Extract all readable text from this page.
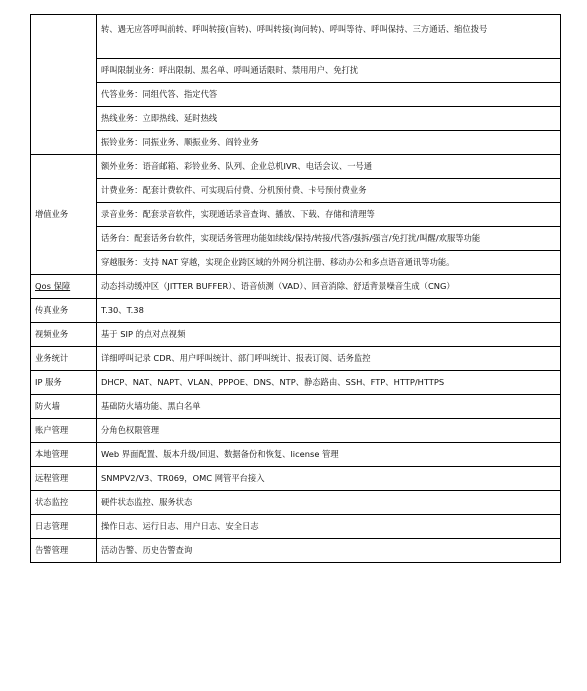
	转、遇无应答呼叫前转、呼叫转接(盲转)、呼叫转接(询问转)、呼叫等待、呼叫保持、三方通话、缩位拨号
	呼叫限制业务：呼出限制、黑名单、呼叫通话限时、禁用用户、免打扰
	代答业务：同组代答、指定代答
	热线业务：立即热线、延时热线
	振铃业务：同振业务、顺振业务、阎铃业务
增值业务	额外业务：语音邮箱、彩铃业务、队列、企业总机IVR、电话会议、一号通
	计费业务：配套计费软件、可实现后付费、分机预付费、卡号预付费业务
	录音业务：配套录音软件，实现通话录音查询、播放、下载、存储和清理等
	话务台：配套话务台软件，实现话务管理功能如续线/保持/转接/代答/强拆/强言/免打扰/叫醒/欢服等功能
	穿越服务：支持 NAT 穿越，实现企业跨区域的外网分机注册、移动办公和多点语音通讯等功能。
Qos 保障	动态抖动缓冲区（JITTER BUFFER）、语音侦测（VAD）、回音消除、舒适背景噪音生成（CNG）
传真业务	T.30、T.38
视频业务	基于 SIP 的点对点视频
业务统计	详细呼叫记录 CDR、用户呼叫统计、部门呼叫统计、报表订阅、话务监控
IP 服务	DHCP、NAT、NAPT、VLAN、PPPOE、DNS、NTP、静态路由、SSH、FTP、HTTP/HTTPS
防火墙	基础防火墙功能、黑白名单
账户管理	分角色权限管理
本地管理	Web 界面配置、版本升级/回退、数据备份和恢复、license 管理
远程管理	SNMPV2/V3、TR069，OMC 网管平台接入
状态监控	硬件状态监控、服务状态
日志管理	操作日志、运行日志、用户日志、安全日志
告警管理	活动告警、历史告警查询
